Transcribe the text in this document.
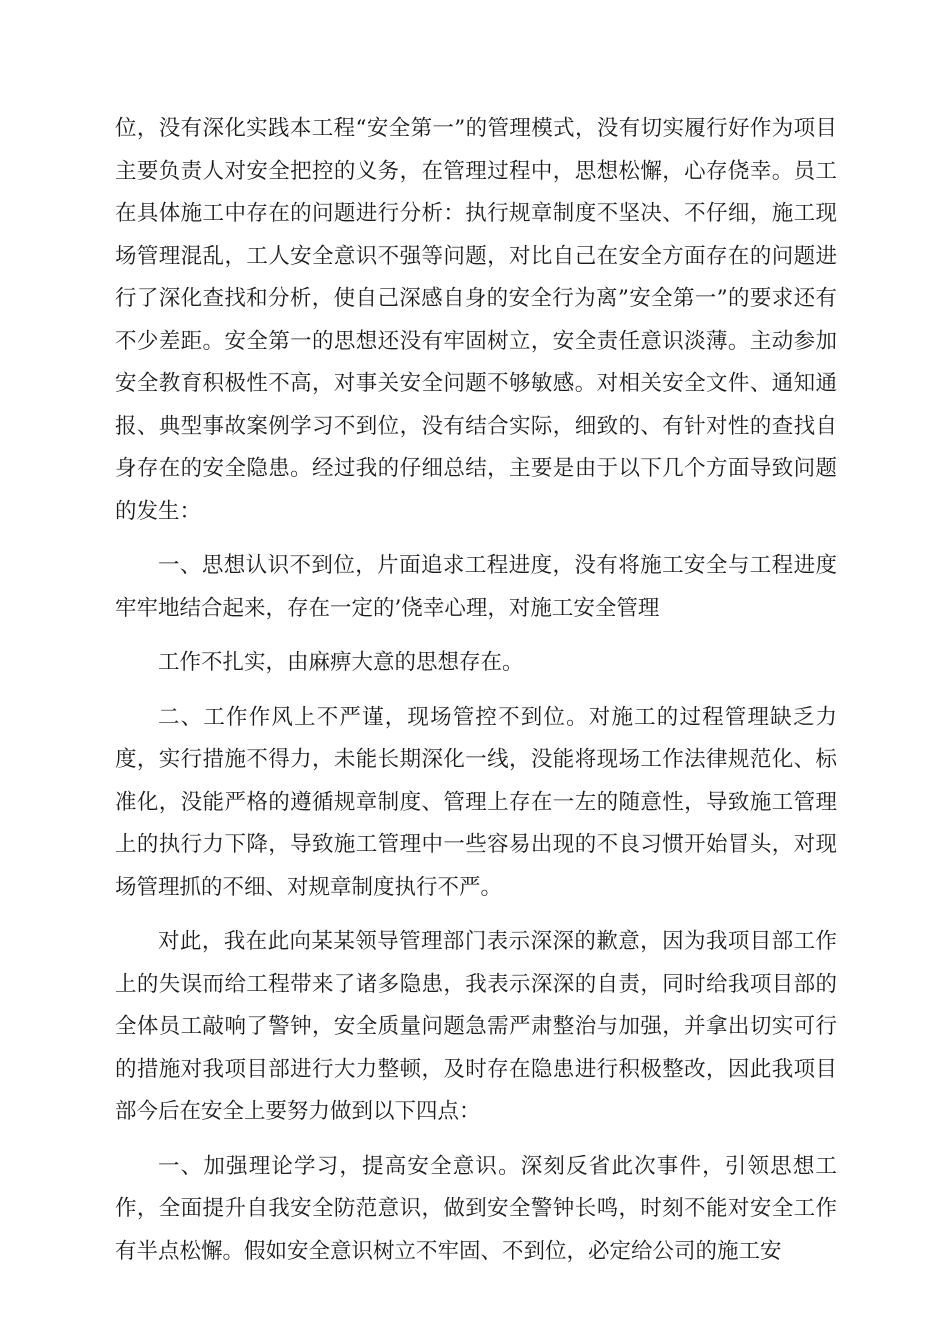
位，没有深化实践本工程“安全第一”的管理模式，没有切实履行好作为项目主要负责人对安全把控的义务，在管理过程中，思想松懈，心存侥幸。员工在具体施工中存在的问题进行分析：执行规章制度不坚决、不仔细，施工现场管理混乱，工人安全意识不强等问题，对比自己在安全方面存在的问题进行了深化查找和分析，使自己深感自身的安全行为离”安全第一”的要求还有不少差距。安全第一的思想还没有牢固树立，安全责任意识淡薄。主动参加安全教育积极性不高，对事关安全问题不够敏感。对相关安全文件、通知通报、典型事故案例学习不到位，没有结合实际，细致的、有针对性的查找自身存在的安全隐患。经过我的仔细总结，主要是由于以下几个方面导致问题的发生：

一、思想认识不到位，片面追求工程进度，没有将施工安全与工程进度牢牢地结合起来，存在一定的’侥幸心理，对施工安全管理

工作不扎实，由麻痹大意的思想存在。

二、工作作风上不严谨，现场管控不到位。对施工的过程管理缺乏力度，实行措施不得力，未能长期深化一线，没能将现场工作法律规范化、标准化，没能严格的遵循规章制度、管理上存在一左的随意性，导致施工管理上的执行力下降，导致施工管理中一些容易出现的不良习惯开始冒头，对现场管理抓的不细、对规章制度执行不严。

对此，我在此向某某领导管理部门表示深深的歉意，因为我项目部工作上的失误而给工程带来了诸多隐患，我表示深深的自责，同时给我项目部的全体员工敲响了警钟，安全质量问题急需严肃整治与加强，并拿出切实可行的措施对我项目部进行大力整顿，及时存在隐患进行积极整改，因此我项目部今后在安全上要努力做到以下四点：

一、加强理论学习，提高安全意识。深刻反省此次事件，引领思想工作，全面提升自我安全防范意识，做到安全警钟长鸣，时刻不能对安全工作有半点松懈。假如安全意识树立不牢固、不到位，必定给公司的施工安
